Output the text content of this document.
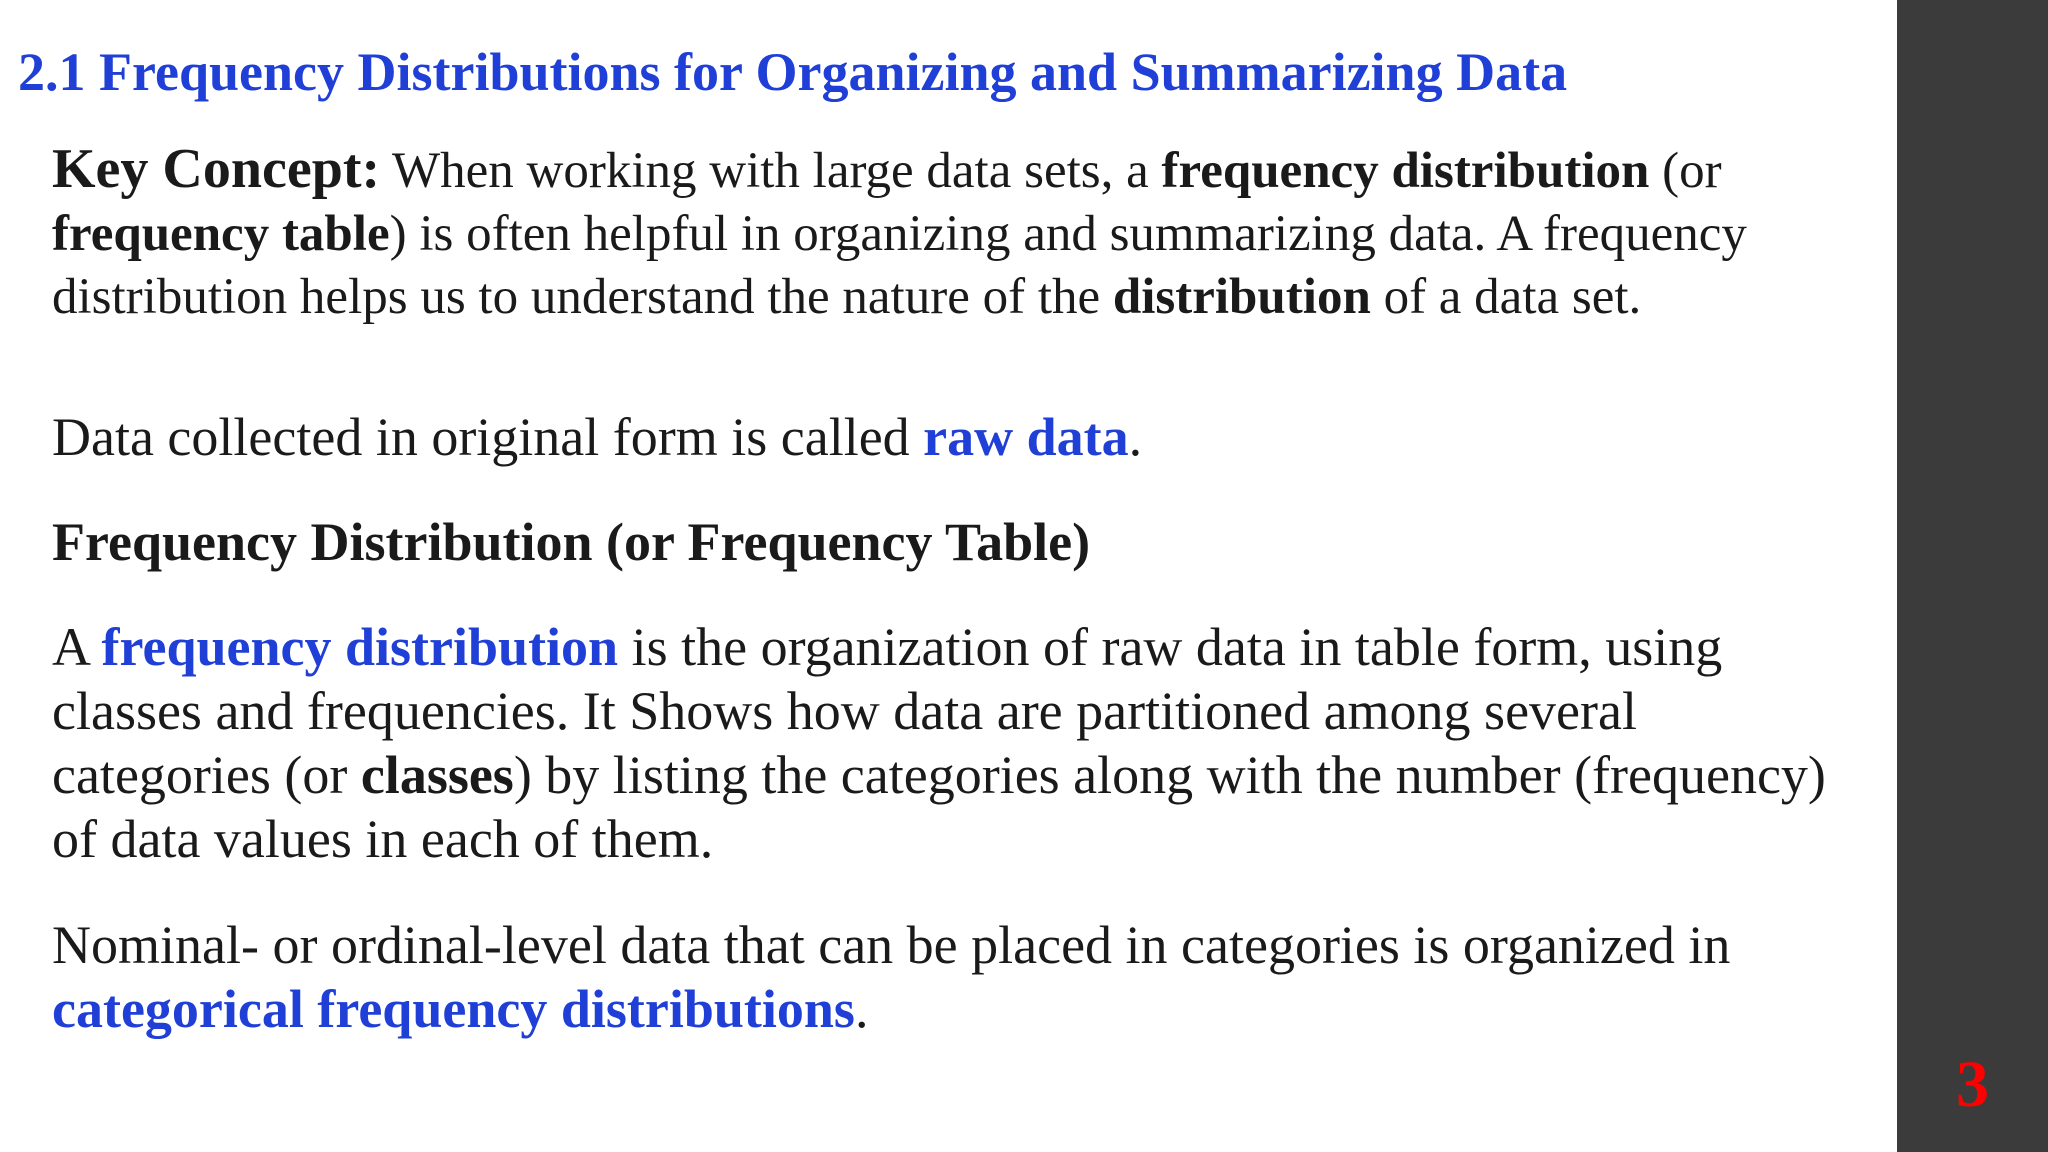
2.1 Frequency Distributions for Organizing and Summarizing Data

Key Concept: When working with large data sets, a frequency distribution (or frequency table) is often helpful in organizing and summarizing data. A frequency distribution helps us to understand the nature of the distribution of a data set.

Data collected in original form is called raw data.

Frequency Distribution (or Frequency Table)

A frequency distribution is the organization of raw data in table form, using classes and frequencies. It Shows how data are partitioned among several categories (or classes) by listing the categories along with the number (frequency) of data values in each of them.

Nominal- or ordinal-level data that can be placed in categories is organized in categorical frequency distributions.

3
